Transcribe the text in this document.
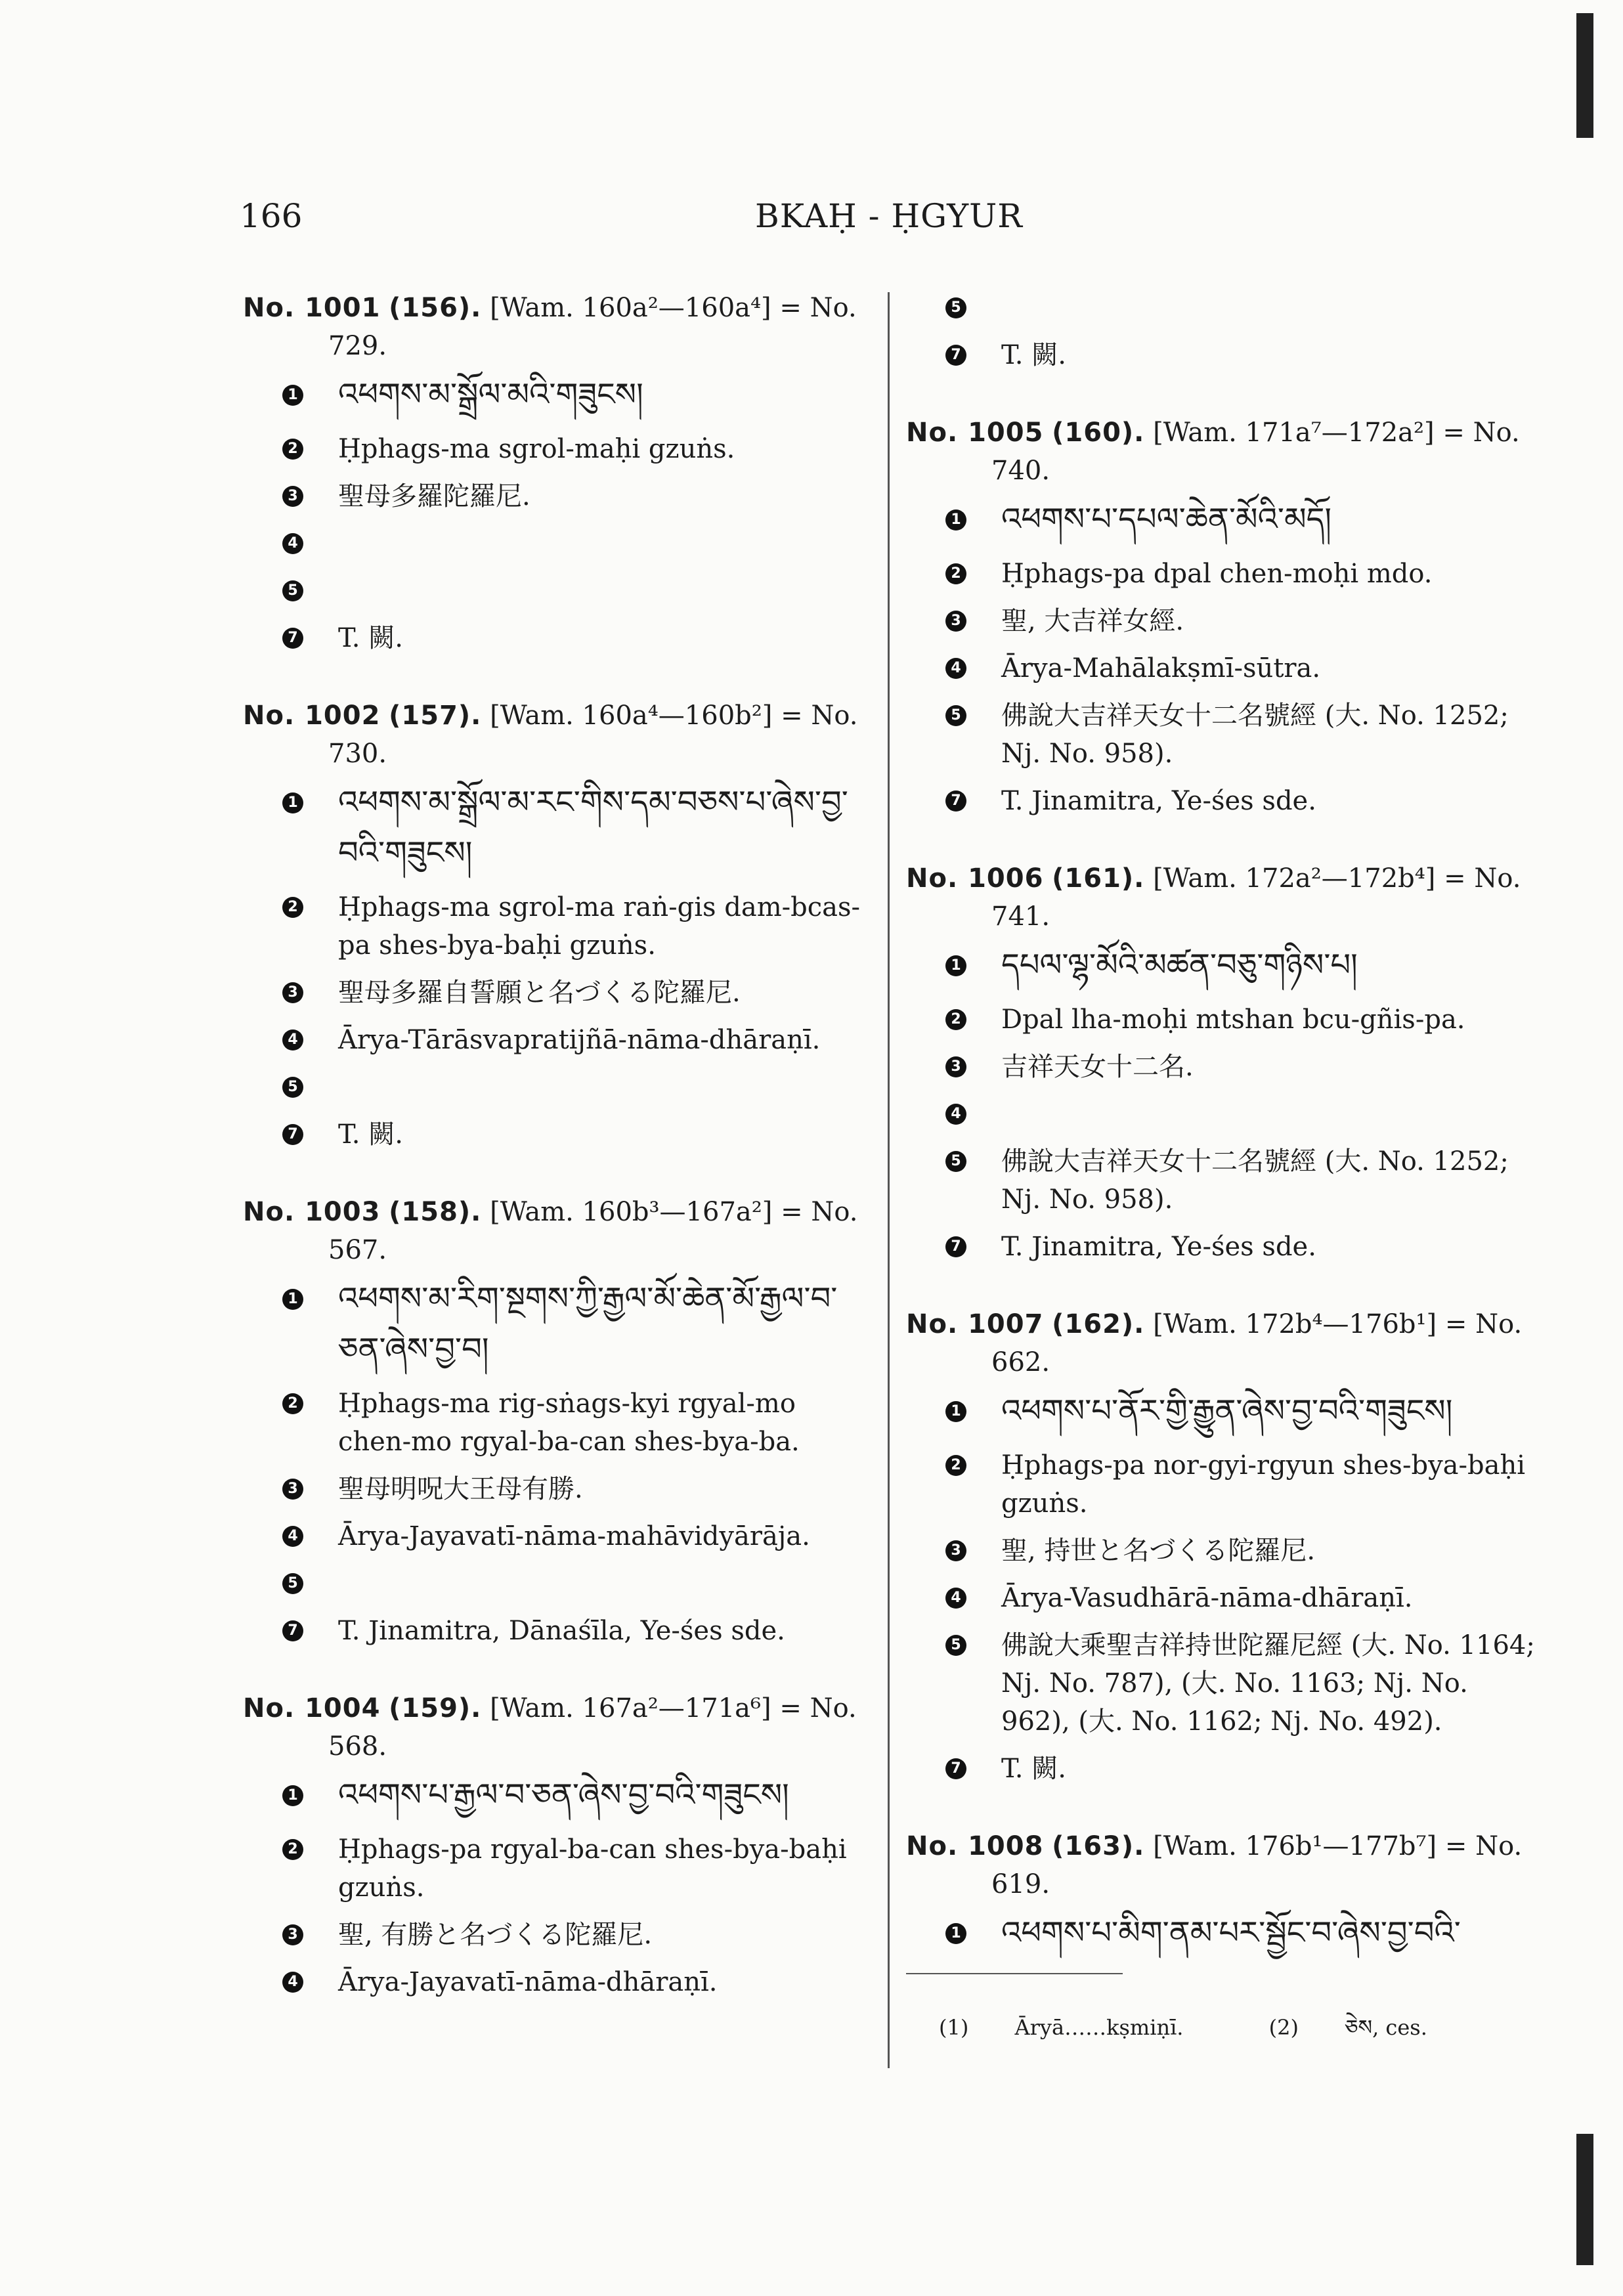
166	BKAḤ - ḤGYUR

No. 1001 (156). [Wam. 160a²—160a⁴] = No. 729.

1 འཕགས་མ་སྒྲོལ་མའི་གཟུངས།
2 Ḥphags-ma sgrol-maḥi gzuṅs.
3 聖母多羅陀羅尼.
4
5
7 T. 闕.

No. 1002 (157). [Wam. 160a⁴—160b²] = No. 730.

1 འཕགས་མ་སྒྲོལ་མ་རང་གིས་དམ་བཅས་པ་ཞེས་བྱ་བའི་གཟུངས།
2 Ḥphags-ma sgrol-ma raṅ-gis dam-bcas-pa shes-bya-baḥi gzuṅs.
3 聖母多羅自誓願と名づくる陀羅尼.
4 Ārya-Tārāsvapratijñā-nāma-dhāraṇī.
5
7 T. 闕.

No. 1003 (158). [Wam. 160b³—167a²] = No. 567.

1 འཕགས་མ་རིག་སྔགས་ཀྱི་རྒྱལ་མོ་ཆེན་མོ་རྒྱལ་བ་ཅན་ཞེས་བྱ་བ།
2 Ḥphags-ma rig-sṅags-kyi rgyal-mo chen-mo rgyal-ba-can shes-bya-ba.
3 聖母明呪大王母有勝.
4 Ārya-Jayavatī-nāma-mahāvidyārāja.
5
7 T. Jinamitra, Dānaśīla, Ye-śes sde.

No. 1004 (159). [Wam. 167a²—171a⁶] = No. 568.

1 འཕགས་པ་རྒྱལ་བ་ཅན་ཞེས་བྱ་བའི་གཟུངས།
2 Ḥphags-pa rgyal-ba-can shes-bya-baḥi gzuṅs.
3 聖, 有勝と名づくる陀羅尼.
4 Ārya-Jayavatī-nāma-dhāraṇī.
5
7 T. 闕.

No. 1005 (160). [Wam. 171a⁷—172a²] = No. 740.

1 འཕགས་པ་དཔལ་ཆེན་མོའི་མདོ།
2 Ḥphags-pa dpal chen-moḥi mdo.
3 聖, 大吉祥女經.
4 Ārya-Mahālakṣmī-sūtra.
5 佛說大吉祥天女十二名號經 (大. No. 1252; Nj. No. 958).
7 T. Jinamitra, Ye-śes sde.

No. 1006 (161). [Wam. 172a²—172b⁴] = No. 741.

1 དཔལ་ལྷ་མོའི་མཚན་བཅུ་གཉིས་པ།
2 Dpal lha-moḥi mtshan bcu-gñis-pa.
3 吉祥天女十二名.
4
5 佛說大吉祥天女十二名號經 (大. No. 1252; Nj. No. 958).
7 T. Jinamitra, Ye-śes sde.

No. 1007 (162). [Wam. 172b⁴—176b¹] = No. 662.

1 འཕགས་པ་ནོར་གྱི་རྒྱུན་ཞེས་བྱ་བའི་གཟུངས།
2 Ḥphags-pa nor-gyi-rgyun shes-bya-baḥi gzuṅs.
3 聖, 持世と名づくる陀羅尼.
4 Ārya-Vasudhārā-nāma-dhāraṇī.
5 佛說大乘聖吉祥持世陀羅尼經 (大. No. 1164; Nj. No. 787), (大. No. 1163; Nj. No. 962), (大. No. 1162; Nj. No. 492).
7 T. 闕.

No. 1008 (163). [Wam. 176b¹—177b⁷] = No. 619.

1 འཕགས་པ་མིག་ནམ་པར་སྦྱོང་བ་ཞེས་བྱ་བའི་
(1) Āryā……kṣmiṇī.	(2) ཅེས, ces.
